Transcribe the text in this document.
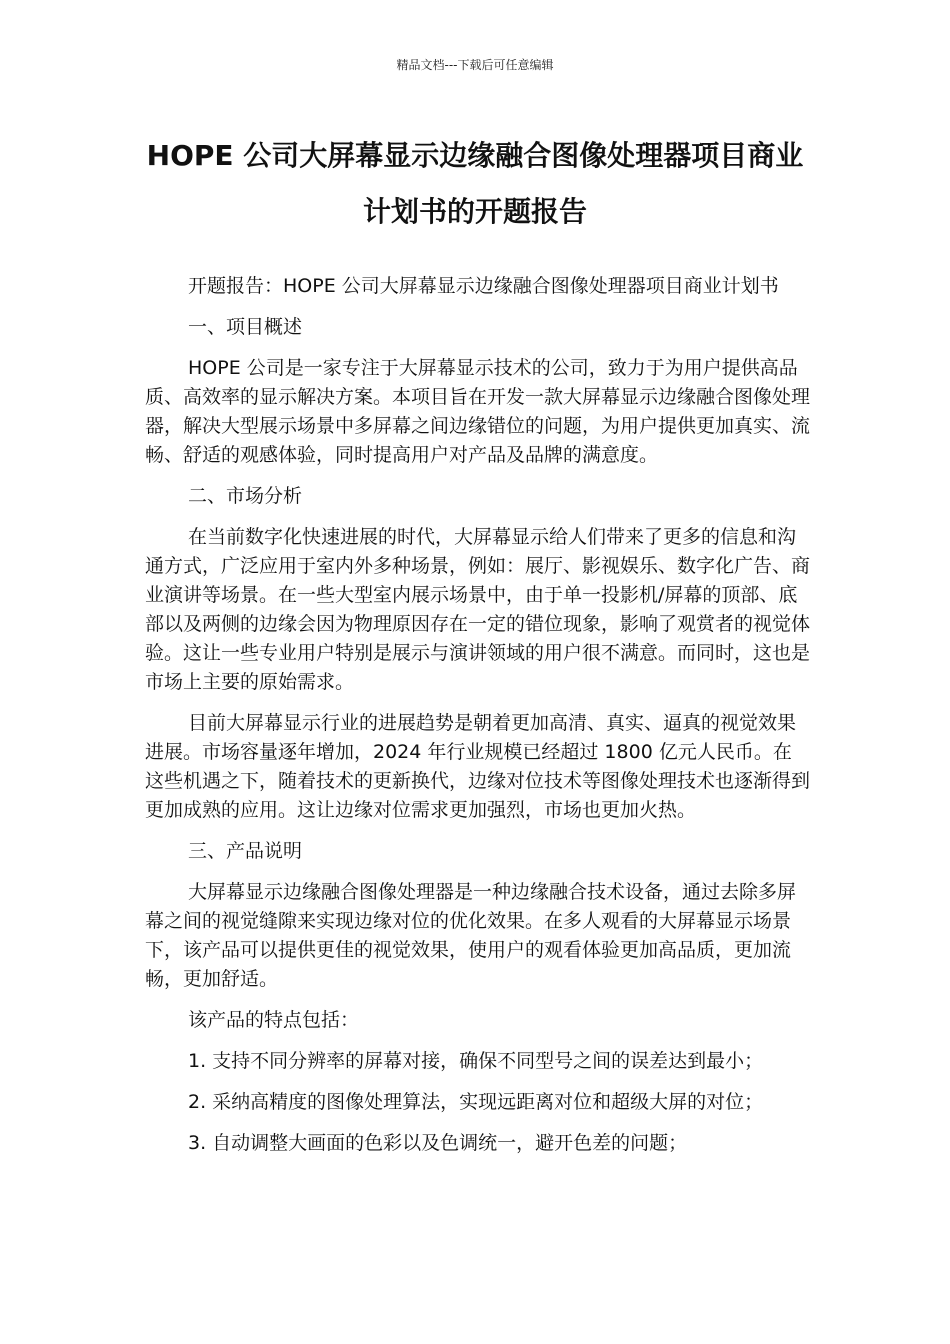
精品文档---下载后可任意编辑
HOPE 公司大屏幕显示边缘融合图像处理器项目商业
计划书的开题报告

开题报告：HOPE 公司大屏幕显示边缘融合图像处理器项目商业计划书

一、项目概述

HOPE 公司是一家专注于大屏幕显示技术的公司，致力于为用户提供高品质、高效率的显示解决方案。本项目旨在开发一款大屏幕显示边缘融合图像处理器，解决大型展示场景中多屏幕之间边缘错位的问题，为用户提供更加真实、流畅、舒适的观感体验，同时提高用户对产品及品牌的满意度。

二、市场分析

在当前数字化快速进展的时代，大屏幕显示给人们带来了更多的信息和沟通方式，广泛应用于室内外多种场景，例如：展厅、影视娱乐、数字化广告、商业演讲等场景。在一些大型室内展示场景中，由于单一投影机/屏幕的顶部、底部以及两侧的边缘会因为物理原因存在一定的错位现象，影响了观赏者的视觉体验。这让一些专业用户特别是展示与演讲领域的用户很不满意。而同时，这也是市场上主要的原始需求。

目前大屏幕显示行业的进展趋势是朝着更加高清、真实、逼真的视觉效果进展。市场容量逐年增加，2024 年行业规模已经超过 1800 亿元人民币。在这些机遇之下，随着技术的更新换代，边缘对位技术等图像处理技术也逐渐得到更加成熟的应用。这让边缘对位需求更加强烈，市场也更加火热。

三、产品说明

大屏幕显示边缘融合图像处理器是一种边缘融合技术设备，通过去除多屏幕之间的视觉缝隙来实现边缘对位的优化效果。在多人观看的大屏幕显示场景下，该产品可以提供更佳的视觉效果，使用户的观看体验更加高品质，更加流畅，更加舒适。

该产品的特点包括：

1. 支持不同分辨率的屏幕对接，确保不同型号之间的误差达到最小；
2. 采纳高精度的图像处理算法，实现远距离对位和超级大屏的对位；
3. 自动调整大画面的色彩以及色调统一，避开色差的问题；
